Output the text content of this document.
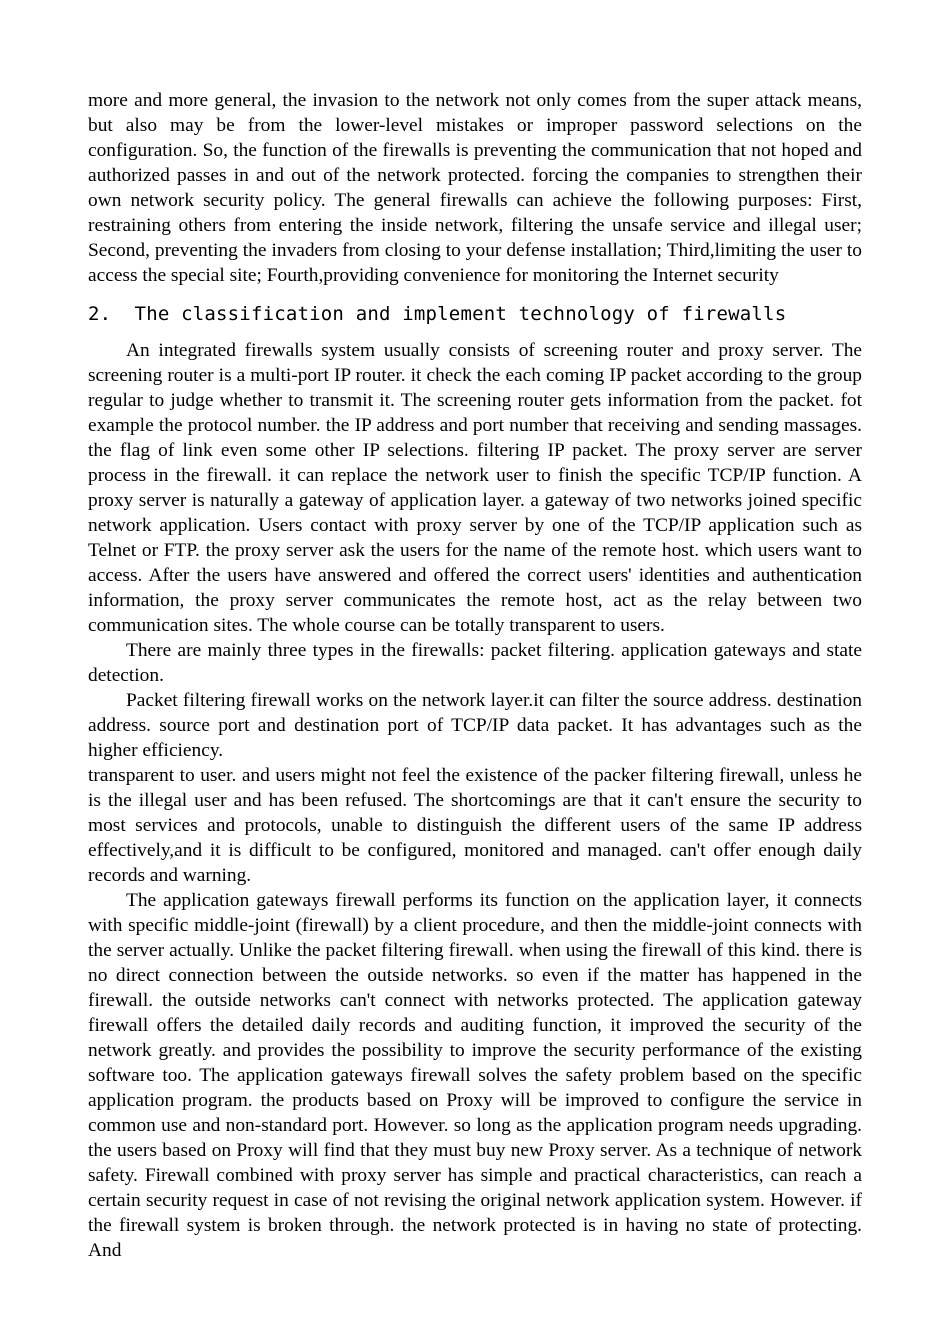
more and more general, the invasion to the network not only comes from the super attack means, but also may be from the lower-level mistakes or improper password selections on the configuration. So, the function of the firewalls is preventing the communication that not hoped and authorized passes in and out of the network protected. forcing the companies to strengthen their own network security policy. The general firewalls can achieve the following purposes: First, restraining others from entering the inside network, filtering the unsafe service and illegal user; Second, preventing the invaders from closing to your defense installation; Third,limiting the user to access the special site; Fourth,providing convenience for monitoring the Internet security

2.  The classification and implement technology of firewalls

An integrated firewalls system usually consists of screening router and proxy server. The screening router is a multi-port IP router. it check the each coming IP packet according to the group regular to judge whether to transmit it. The screening router gets information from the packet. fot example the protocol number. the IP address and port number that receiving and sending massages. the flag of link even some other IP selections. filtering IP packet. The proxy server are server process in the firewall. it can replace the network user to finish the specific TCP/IP function. A proxy server is naturally a gateway of application layer. a gateway of two networks joined specific network application. Users contact with proxy server by one of the TCP/IP application such as Telnet or FTP. the proxy server ask the users for the name of the remote host. which users want to access. After the users have answered and offered the correct users' identities and authentication information, the proxy server communicates the remote host, act as the relay between two communication sites. The whole course can be totally transparent to users.

There are mainly three types in the firewalls: packet filtering. application gateways and state detection.

Packet filtering firewall works on the network layer.it can filter the source address. destination address. source port and destination port of TCP/IP data packet. It has advantages such as the higher efficiency.

transparent to user. and users might not feel the existence of the packer filtering firewall, unless he is the illegal user and has been refused. The shortcomings are that it can't ensure the security to most services and protocols, unable to distinguish the different users of the same IP address effectively,and it is difficult to be configured, monitored and managed. can't offer enough daily records and warning.

The application gateways firewall performs its function on the application layer, it connects with specific middle-joint (firewall) by a client procedure, and then the middle-joint connects with the server actually. Unlike the packet filtering firewall. when using the firewall of this kind. there is no direct connection between the outside networks. so even if the matter has happened in the firewall. the outside networks can't connect with networks protected. The application gateway firewall offers the detailed daily records and auditing function, it improved the security of the network greatly. and provides the possibility to improve the security performance of the existing software too. The application gateways firewall solves the safety problem based on the specific application program. the products based on Proxy will be improved to configure the service in common use and non-standard port. However. so long as the application program needs upgrading. the users based on Proxy will find that they must buy new Proxy server. As a technique of network safety. Firewall combined with proxy server has simple and practical characteristics, can reach a certain security request in case of not revising the original network application system. However. if the firewall system is broken through. the network protected is in having no state of protecting. And
